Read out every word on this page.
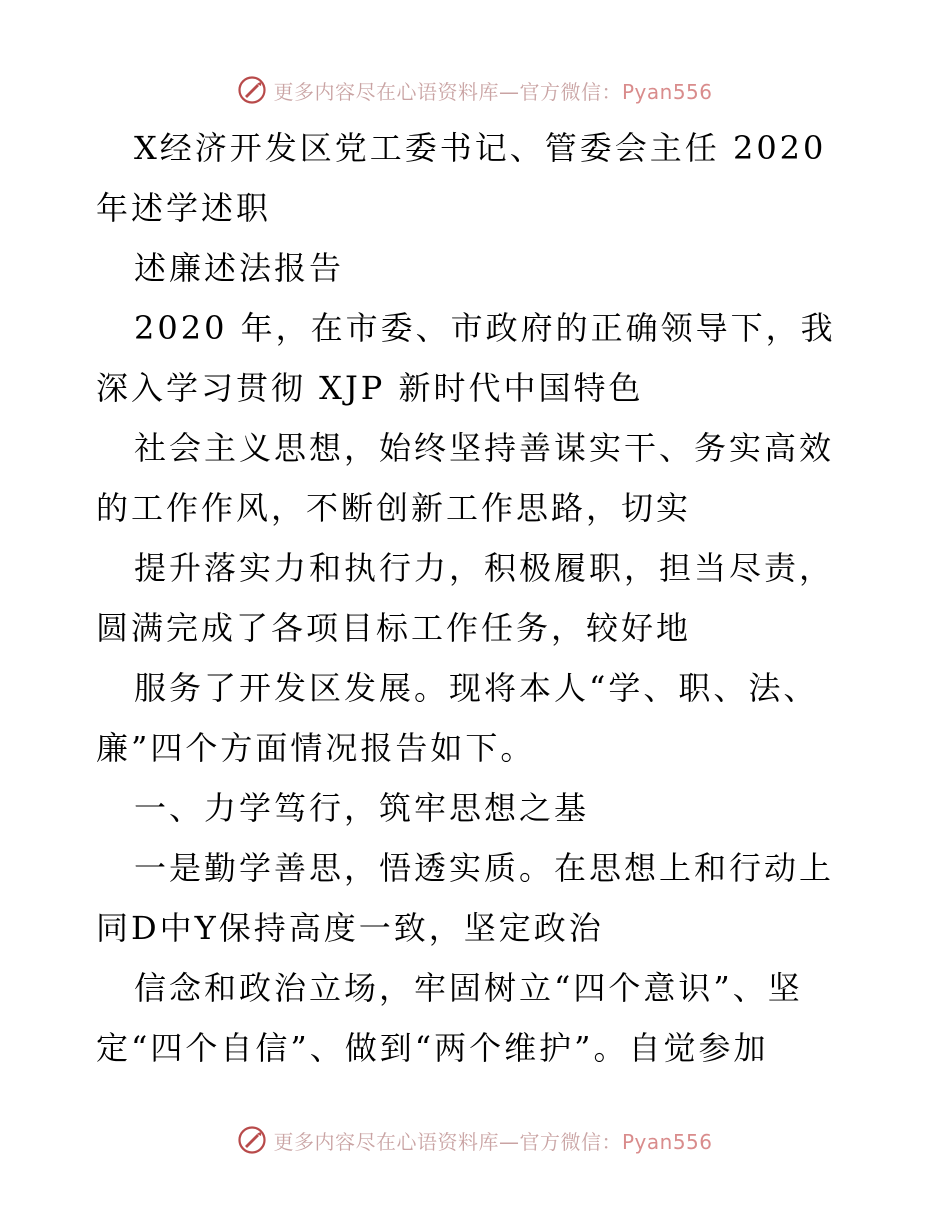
更多内容尽在心语资料库—官方微信：Pyan556

X经济开发区党工委书记、管委会主任 2020 年述学述职

述廉述法报告

2020 年，在市委、市政府的正确领导下，我深入学习贯彻 XJP 新时代中国特色

社会主义思想，始终坚持善谋实干、务实高效的工作作风，不断创新工作思路，切实

提升落实力和执行力，积极履职，担当尽责，圆满完成了各项目标工作任务，较好地

服务了开发区发展。现将本人“学、职、法、廉”四个方面情况报告如下。

一、力学笃行，筑牢思想之基

一是勤学善思，悟透实质。在思想上和行动上同D中Y保持高度一致，坚定政治

信念和政治立场，牢固树立“四个意识”、坚定“四个自信”、做到“两个维护”。自觉参加

更多内容尽在心语资料库—官方微信：Pyan556
